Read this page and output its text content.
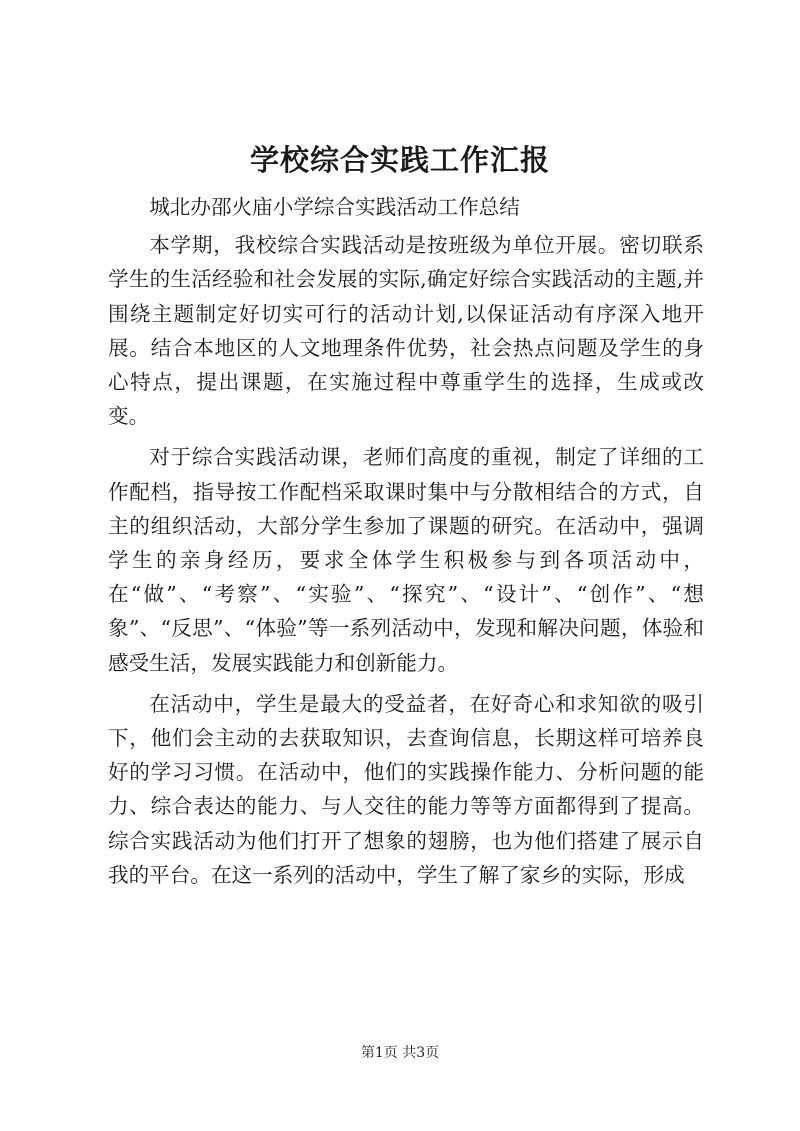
学校综合实践工作汇报

城北办邵火庙小学综合实践活动工作总结

本学期，我校综合实践活动是按班级为单位开展。密切联系学生的生活经验和社会发展的实际,确定好综合实践活动的主题,并围绕主题制定好切实可行的活动计划,以保证活动有序深入地开展。结合本地区的人文地理条件优势，社会热点问题及学生的身心特点，提出课题，在实施过程中尊重学生的选择，生成或改变。

对于综合实践活动课，老师们高度的重视，制定了详细的工作配档，指导按工作配档采取课时集中与分散相结合的方式，自主的组织活动，大部分学生参加了课题的研究。在活动中，强调学生的亲身经历，要求全体学生积极参与到各项活动中，在“做”、“考察”、“实验”、“探究”、“设计”、“创作”、“想象”、“反思”、“体验”等一系列活动中，发现和解决问题，体验和感受生活，发展实践能力和创新能力。

在活动中，学生是最大的受益者，在好奇心和求知欲的吸引下，他们会主动的去获取知识，去查询信息，长期这样可培养良好的学习习惯。在活动中，他们的实践操作能力、分析问题的能力、综合表达的能力、与人交往的能力等等方面都得到了提高。综合实践活动为他们打开了想象的翅膀，也为他们搭建了展示自我的平台。在这一系列的活动中，学生了解了家乡的实际，形成

第1页 共3页
